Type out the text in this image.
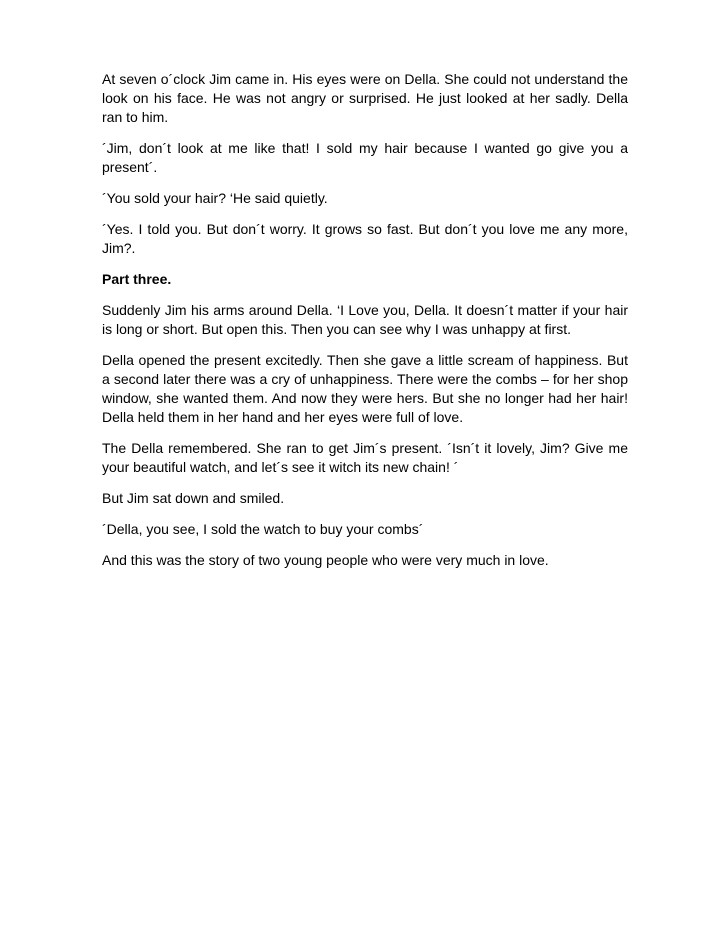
At seven o´clock Jim came in. His eyes were on Della. She could not understand the look on his face. He was not angry or surprised. He just looked at her sadly. Della ran to him.

´Jim, don´t look at me like that! I sold my hair because I wanted go give you a present´.

´You sold your hair? ‘He said quietly.

´Yes. I told you. But don´t worry. It grows so fast. But don´t you love me any more, Jim?.

Part three.

Suddenly Jim his arms around Della. ‘I Love you, Della. It doesn´t matter if your hair is long or short. But open this. Then you can see why I was unhappy at first.

Della opened the present excitedly. Then she gave a little scream of happiness. But a second later there was a cry of unhappiness. There were the combs – for her shop window, she wanted them. And now they were hers. But she no longer had her hair! Della held them in her hand and her eyes were full of love.

The Della remembered. She ran to get Jim´s present. ´Isn´t it lovely, Jim? Give me your beautiful watch, and let´s see it witch its new chain! ´

But Jim sat down and smiled.

´Della, you see, I sold the watch to buy your combs´

And this was the story of two young people who were very much in love.
